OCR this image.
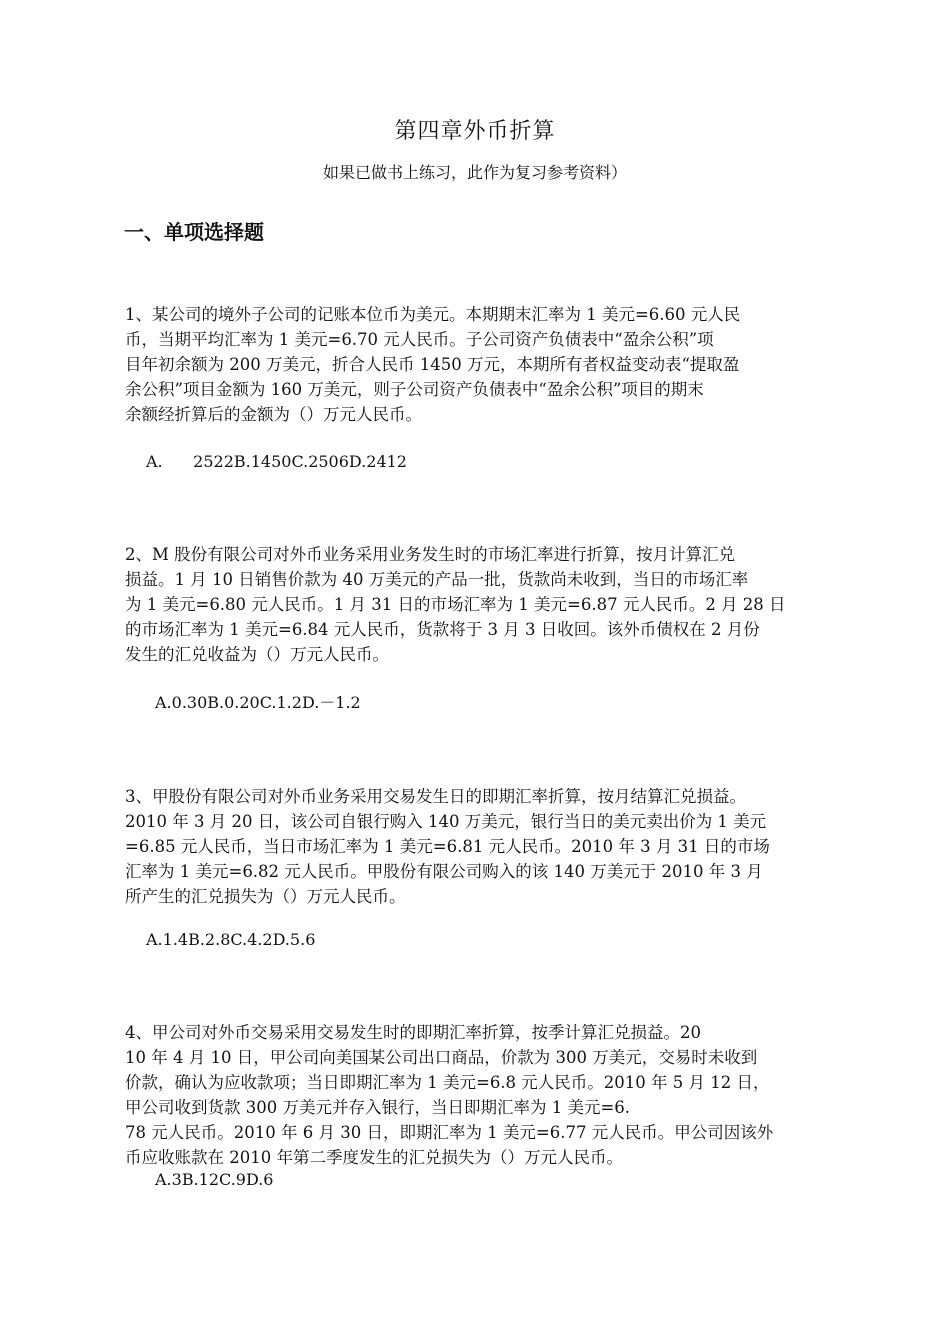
第四章外币折算
如果已做书上练习，此作为复习参考资料）
一、单项选择题
1、某公司的境外子公司的记账本位币为美元。本期期末汇率为 1 美元=6.60 元人民
币，当期平均汇率为 1 美元=6.70 元人民币。子公司资产负债表中“盈余公积”项
目年初余额为 200 万美元，折合人民币 1450 万元，本期所有者权益变动表“提取盈
余公积”项目金额为 160 万美元，则子公司资产负债表中“盈余公积”项目的期末
余额经折算后的金额为（）万元人民币。
A.      2522B.1450C.2506D.2412
2、M 股份有限公司对外币业务采用业务发生时的市场汇率进行折算，按月计算汇兑
损益。1 月 10 日销售价款为 40 万美元的产品一批，货款尚未收到，当日的市场汇率
为 1 美元=6.80 元人民币。1 月 31 日的市场汇率为 1 美元=6.87 元人民币。2 月 28 日
的市场汇率为 1 美元=6.84 元人民币，货款将于 3 月 3 日收回。该外币债权在 2 月份
发生的汇兑收益为（）万元人民币。
A.0.30B.0.20C.1.2D.－1.2
3、甲股份有限公司对外币业务采用交易发生日的即期汇率折算，按月结算汇兑损益。
2010 年 3 月 20 日，该公司自银行购入 140 万美元，银行当日的美元卖出价为 1 美元
=6.85 元人民币，当日市场汇率为 1 美元=6.81 元人民币。2010 年 3 月 31 日的市场
汇率为 1 美元=6.82 元人民币。甲股份有限公司购入的该 140 万美元于 2010 年 3 月
所产生的汇兑损失为（）万元人民币。
A.1.4B.2.8C.4.2D.5.6
4、甲公司对外币交易采用交易发生时的即期汇率折算，按季计算汇兑损益。20
10 年 4 月 10 日，甲公司向美国某公司出口商品，价款为 300 万美元，交易时未收到
价款，确认为应收款项；当日即期汇率为 1 美元=6.8 元人民币。2010 年 5 月 12 日，
甲公司收到货款 300 万美元并存入银行，当日即期汇率为 1 美元=6.
78 元人民币。2010 年 6 月 30 日，即期汇率为 1 美元=6.77 元人民币。甲公司因该外
币应收账款在 2010 年第二季度发生的汇兑损失为（）万元人民币。
A.3B.12C.9D.6
